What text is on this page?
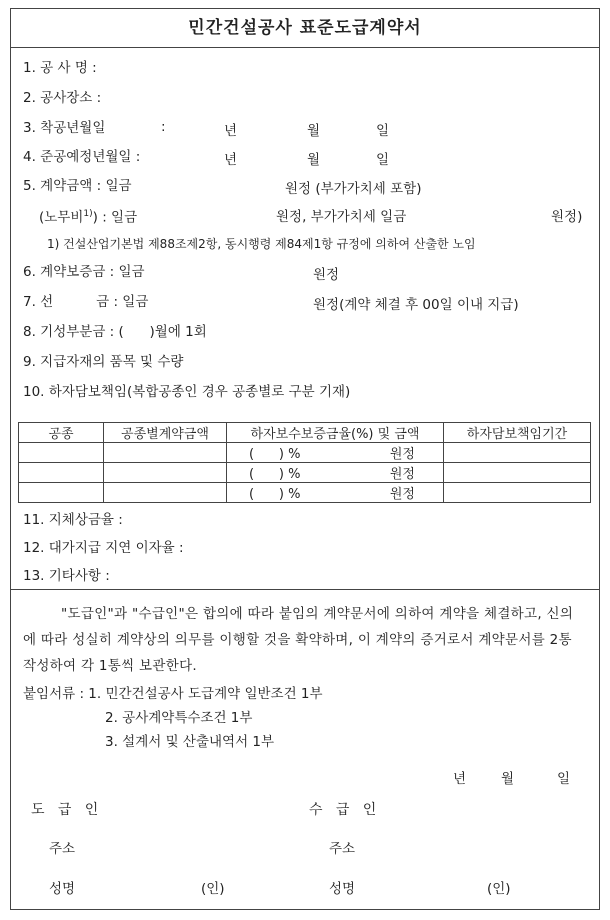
민간건설공사 표준도급계약서
1. 공 사 명 :
2. 공사장소 :
3. 착공년월일	:	년	월	일
4. 준공예정년월일 :	년	월	일
5. 계약금액 : 일금	원정 (부가가치세 포함)
(노무비$^{1)}$) : 일금	원정, 부가가치세 일금	원정)
1) 건설산업기본법 제88조제2항, 동시행령 제84제1항 규정에 의하여 산출한 노임
6. 계약보증금 : 일금	원정
7. 선          금 : 일금	원정(계약 체결 후 00일 이내 지급)
8. 기성부분금 : (      )월에 1회
9. 지급자재의 품목 및 수량
10. 하자담보책임(복합공종인 경우 공종별로 구분 기재)
공종	공종별계약금액	하자보수보증금율(%) 및 금액	하자담보책임기간
		(      ) % 원정	
		(      ) % 원정	
		(      ) % 원정	
11. 지체상금율 :
12. 대가지급 지연 이자율 :
13. 기타사항 :
"도급인"과 "수급인"은 합의에 따라 붙임의 계약문서에 의하여 계약을 체결하고, 신의에 따라 성실히 계약상의 의무를 이행할 것을 확약하며, 이 계약의 증거로서 계약문서를 2통 작성하여 각 1통씩 보관한다.
붙임서류 : 1. 민간건설공사 도급계약 일반조건 1부
2. 공사계약특수조건 1부
3. 설계서 및 산출내역서 1부
년	월	일
도   급   인	수   급   인
주소	주소
성명	(인)	성명	(인)
